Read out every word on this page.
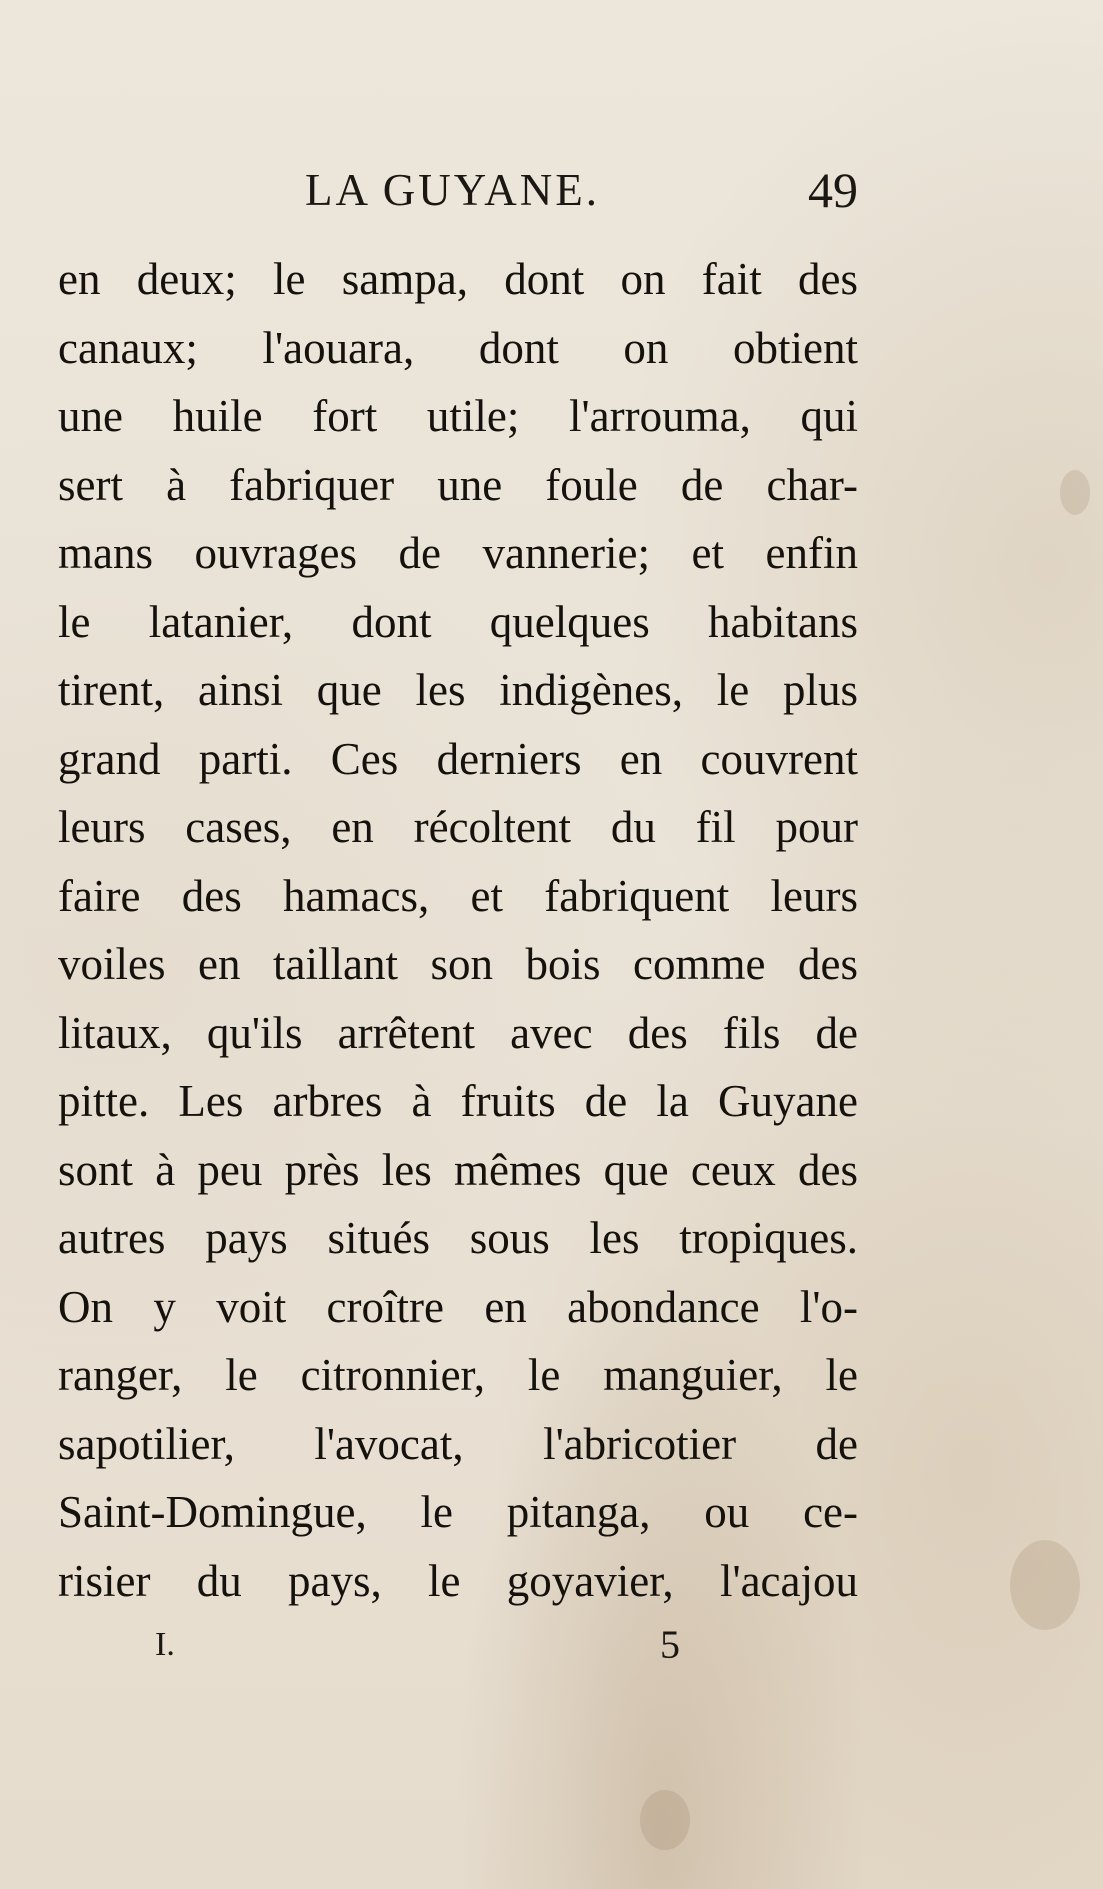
LA GUYANE.	49
en deux; le sampa, dont on fait des
canaux; l'aouara, dont on obtient
une huile fort utile; l'arrouma, qui
sert à fabriquer une foule de char-
mans ouvrages de vannerie; et enfin
le latanier, dont quelques habitans
tirent, ainsi que les indigènes, le plus
grand parti. Ces derniers en couvrent
leurs cases, en récoltent du fil pour
faire des hamacs, et fabriquent leurs
voiles en taillant son bois comme des
litaux, qu'ils arrêtent avec des fils de
pitte. Les arbres à fruits de la Guyane
sont à peu près les mêmes que ceux des
autres pays situés sous les tropiques.
On y voit croître en abondance l'o-
ranger, le citronnier, le manguier, le
sapotilier, l'avocat, l'abricotier de
Saint-Domingue, le pitanga, ou ce-
risier du pays, le goyavier, l'acajou
I.	5
